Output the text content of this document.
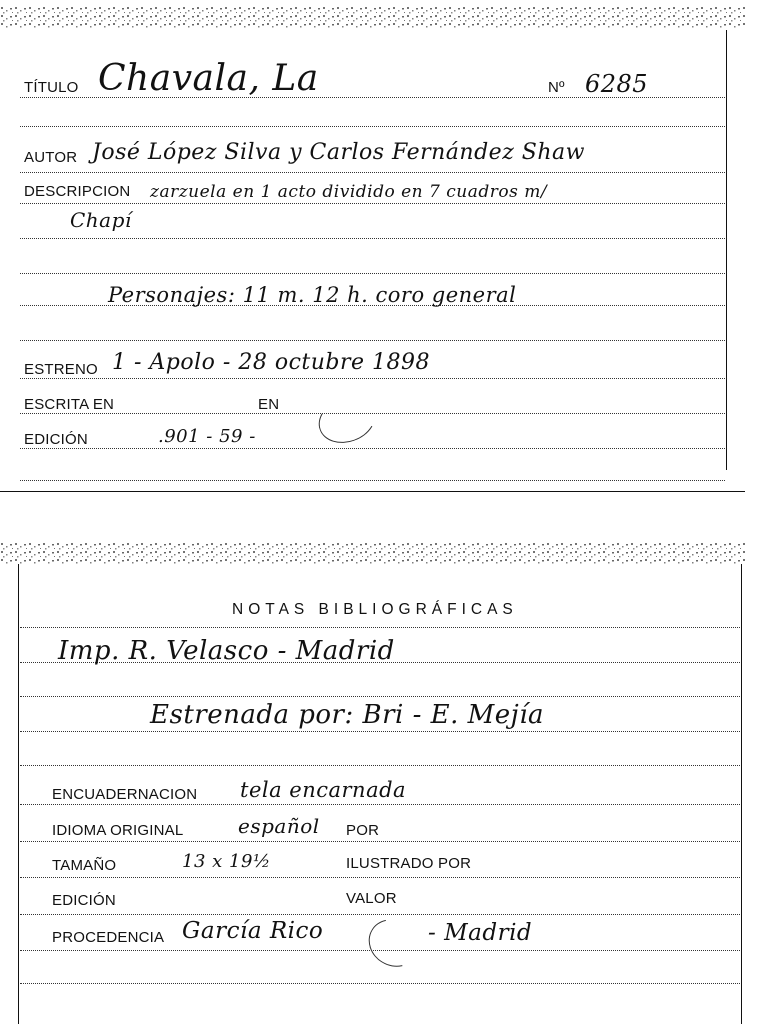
TÍTULO Chavala, La	Nº 6285
AUTOR José López Silva y Carlos Fernández Shaw
DESCRIPCION zarzuela en 1 acto dividido en 7 cuadros m/
Chapí
Personajes: 11 m. 12 h. coro general
ESTRENO 1 - Apolo - 28 octubre 1898
ESCRITA EN	EN
EDICIÓN	.901 - 59 -
NOTAS BIBLIOGRÁFICAS
Imp. R. Velasco - Madrid
Estrenada por: Bri - E. Mejía
ENCUADERNACION tela encarnada
IDIOMA ORIGINAL	español POR
TAMAÑO	13 x 19½	ILUSTRADO POR
EDICIÓN	VALOR
PROCEDENCIA García Rico	- Madrid
